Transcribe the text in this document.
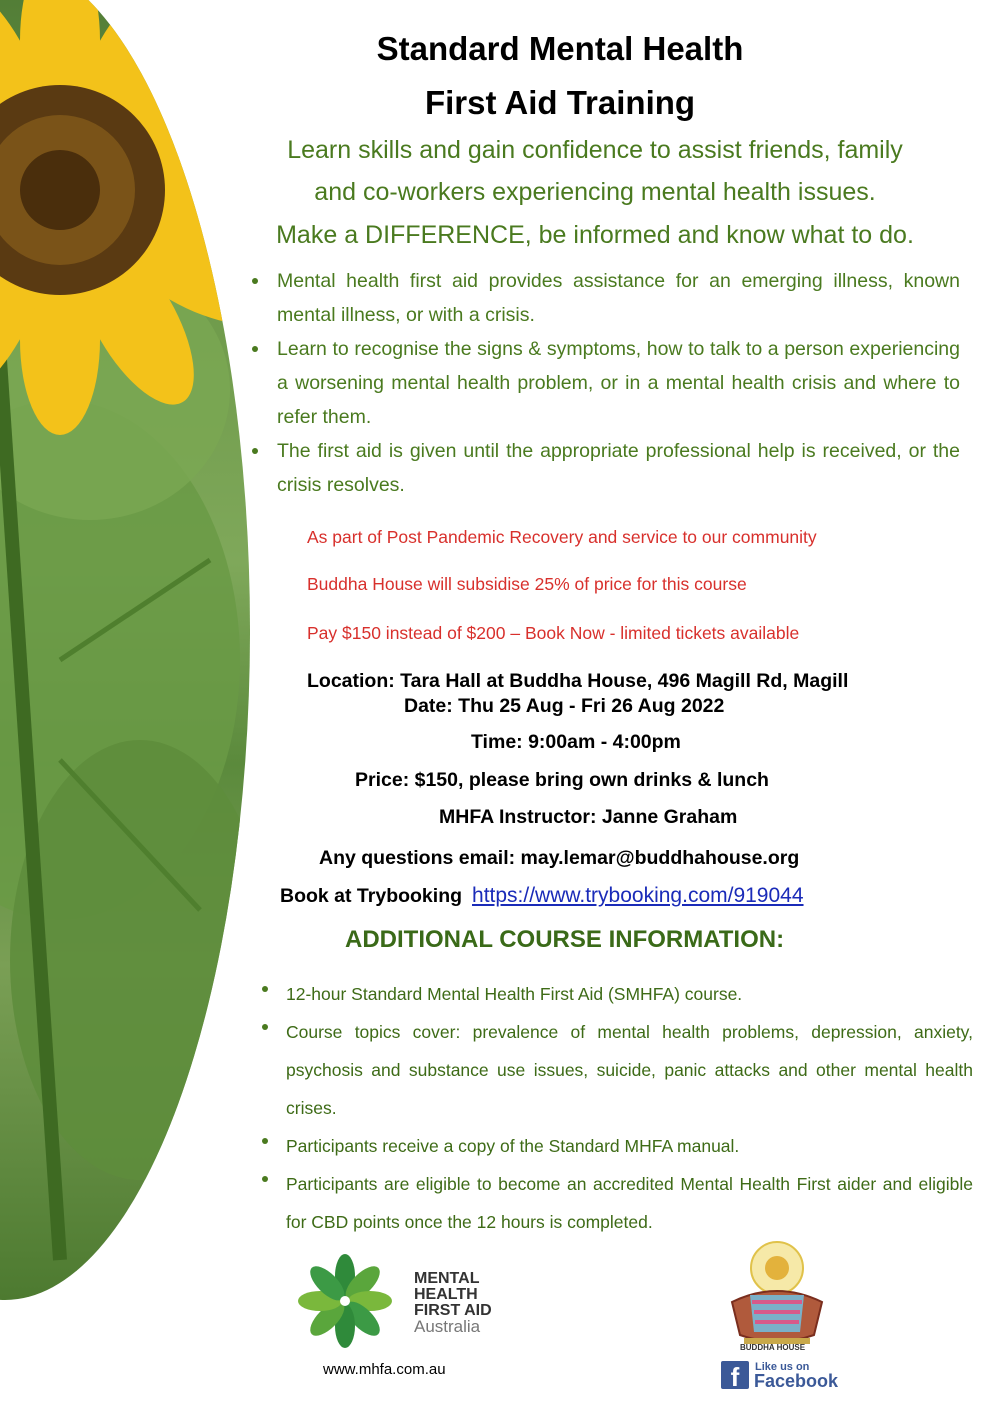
Standard Mental Health
First Aid Training
Learn skills and gain confidence to assist friends, family
and co-workers experiencing mental health issues.
Make a DIFFERENCE, be informed and know what to do.
Mental health first aid provides assistance for an emerging illness, known mental illness, or with a crisis.
Learn to recognise the signs & symptoms, how to talk to a person experiencing a worsening mental health problem, or in a mental health crisis and where to refer them.
The first aid is given until the appropriate professional help is received, or the crisis resolves.
As part of Post Pandemic Recovery and service to our community
Buddha House will subsidise 25% of price for this course
Pay $150 instead of $200 – Book Now - limited tickets available
Location: Tara Hall at Buddha House, 496 Magill Rd, Magill
Date: Thu 25 Aug - Fri 26 Aug 2022
Time: 9:00am - 4:00pm
Price: $150, please bring own drinks & lunch
MHFA Instructor: Janne Graham
Any questions email: may.lemar@buddhahouse.org
Book at Trybooking https://www.trybooking.com/919044
ADDITIONAL COURSE INFORMATION:
12-hour Standard Mental Health First Aid (SMHFA) course.
Course topics cover: prevalence of mental health problems, depression, anxiety, psychosis and substance use issues, suicide, panic attacks and other mental health crises.
Participants receive a copy of the Standard MHFA manual.
Participants are eligible to become an accredited Mental Health First aider and eligible for CBD points once the 12 hours is completed.
MENTAL
HEALTH
FIRST AID
Australia
www.mhfa.com.au
BUDDHA HOUSE
f	Like us on
Facebook
